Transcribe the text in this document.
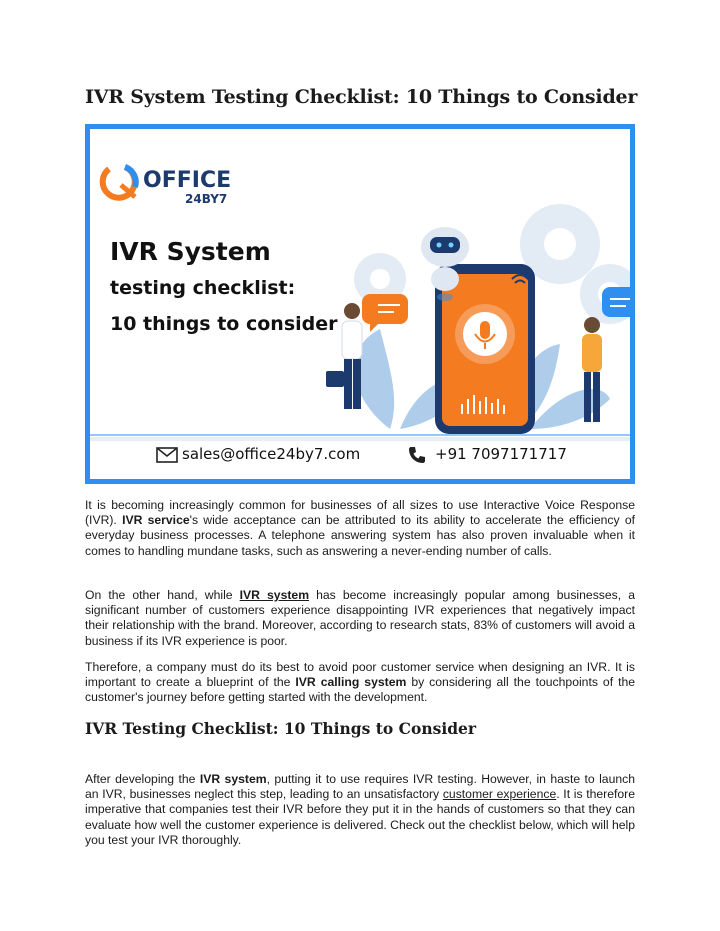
IVR System Testing Checklist: 10 Things to Consider
OFFICE
24BY7
IVR System
testing checklist:
10 things to consider
sales@office24by7.com	+91 7097171717

It is becoming increasingly common for businesses of all sizes to use Interactive Voice Response (IVR). IVR service's wide acceptance can be attributed to its ability to accelerate the efficiency of everyday business processes. A telephone answering system has also proven invaluable when it comes to handling mundane tasks, such as answering a never-ending number of calls.

On the other hand, while IVR system has become increasingly popular among businesses, a significant number of customers experience disappointing IVR experiences that negatively impact their relationship with the brand. Moreover, according to research stats, 83% of customers will avoid a business if its IVR experience is poor.

Therefore, a company must do its best to avoid poor customer service when designing an IVR. It is important to create a blueprint of the IVR calling system by considering all the touchpoints of the customer's journey before getting started with the development.

IVR Testing Checklist: 10 Things to Consider

After developing the IVR system, putting it to use requires IVR testing. However, in haste to launch an IVR, businesses neglect this step, leading to an unsatisfactory customer experience. It is therefore imperative that companies test their IVR before they put it in the hands of customers so that they can evaluate how well the customer experience is delivered. Check out the checklist below, which will help you test your IVR thoroughly.
